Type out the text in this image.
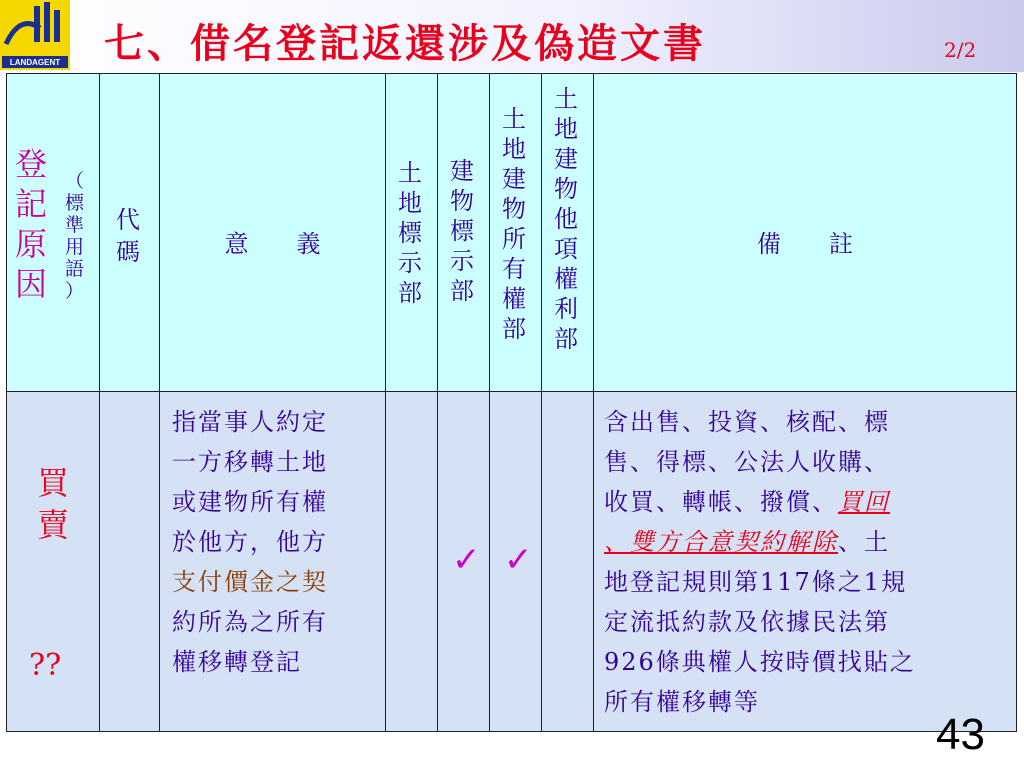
LANDAGENT 七、借名登記返還涉及偽造文書	2/2
登
記
原
因
（
標
準
用
語
）
代
碼	意　　義
土
地
標
示
部
建
物
標
示
部
土
地
建
物
所
有
權
部
土
地
建
物
他
項
權
利
部
備　　註
買
賣
??
指當事人約定
一方移轉土地
或建物所有權
於他方，他方
支付價金之契
約所為之所有
權移轉登記
✓ ✓
含出售、投資、核配、標
售、得標、公法人收購、
收買、轉帳、撥償、買回
、雙方合意契約解除、土
地登記規則第117條之1規
定流抵約款及依據民法第
926條典權人按時價找貼之
所有權移轉等
43
